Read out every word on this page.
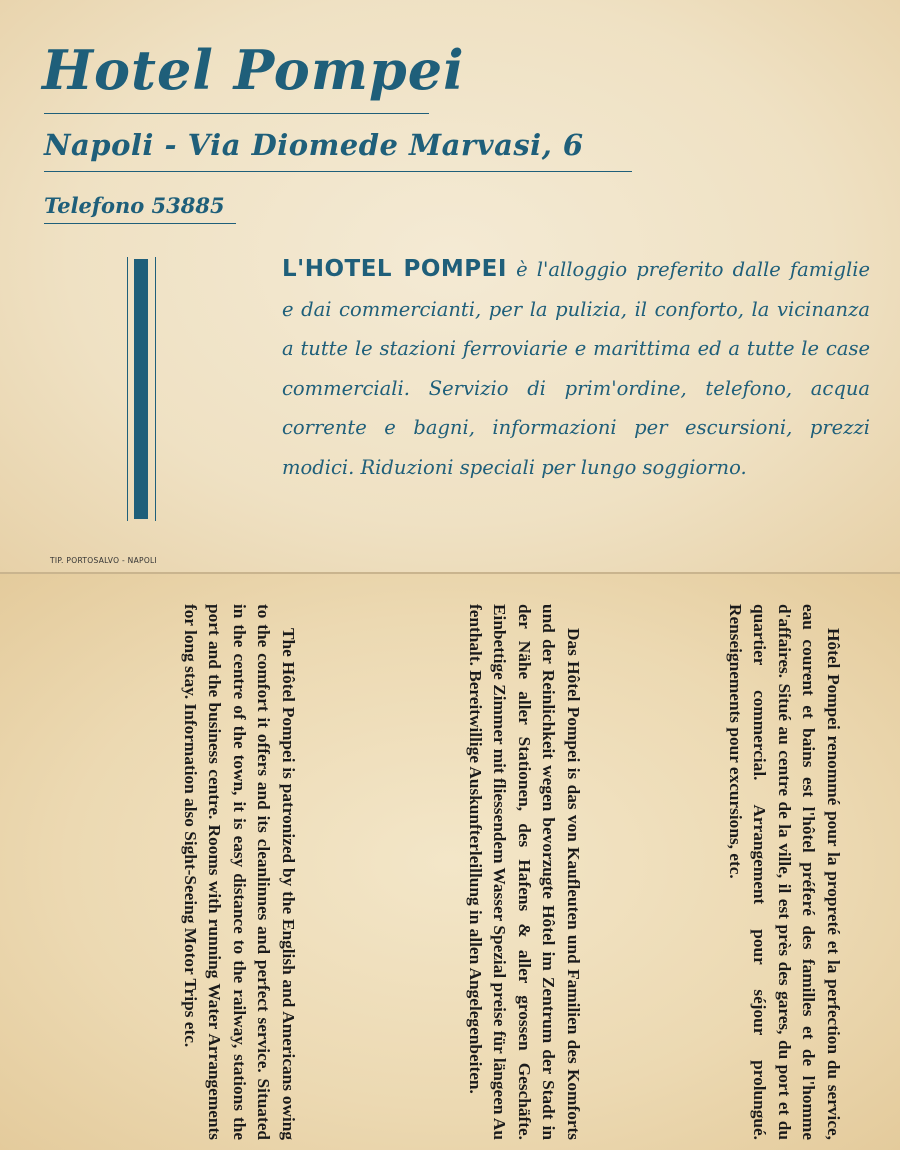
Hotel Pompei
Napoli - Via Diomede Marvasi, 6
Telefono 53885
L'HOTEL POMPEI è l'alloggio preferito dalle famiglie e dai commercianti, per la pulizia, il conforto, la vicinanza a tutte le stazioni ferroviarie e marittima ed a tutte le case commerciali. Servizio di prim'ordine, telefono, acqua corrente e bagni, informazioni per escursioni, prezzi modici. Riduzioni speciali per lungo soggiorno.
TIP. PORTOSALVO - NAPOLI

Hôtel Pompei renommé pour la propreté et la perfection du service, eau courent et bains est l'hôtel préferé des familles et de l'homme d'affaires. Situé au centre de la ville, il est près des gares, du port et du quartier commercial. Arrangement pour séjour prolungué. Renseignements pour excursions, etc.

Das Hôtel Pompei is das von Kaufleuten und Familien des Komforts und der Reinlichkeit wegen bevorzugte Hôtel im Zentrum der Stadt in der Nähe aller Stationen, des Hafens & aller grossen Geschäfte. Einbettige Zimmer mit fliessendem Wasser Spezial preise für längeen Au fenthalt. Bereitwillige Auskunfterleillung in allen Angelegenbeiten.

The Hôtel Pompei is patronized by the English and Americans owing to the comfort it offers and its cleanlinnes and perfect service. Situated in the centre of the town, it is easy distance to the railway, stations the port and the business centre. Rooms with running Water Arrangements for long stay. Information also Sight-Seeing Motor Trips etc.
